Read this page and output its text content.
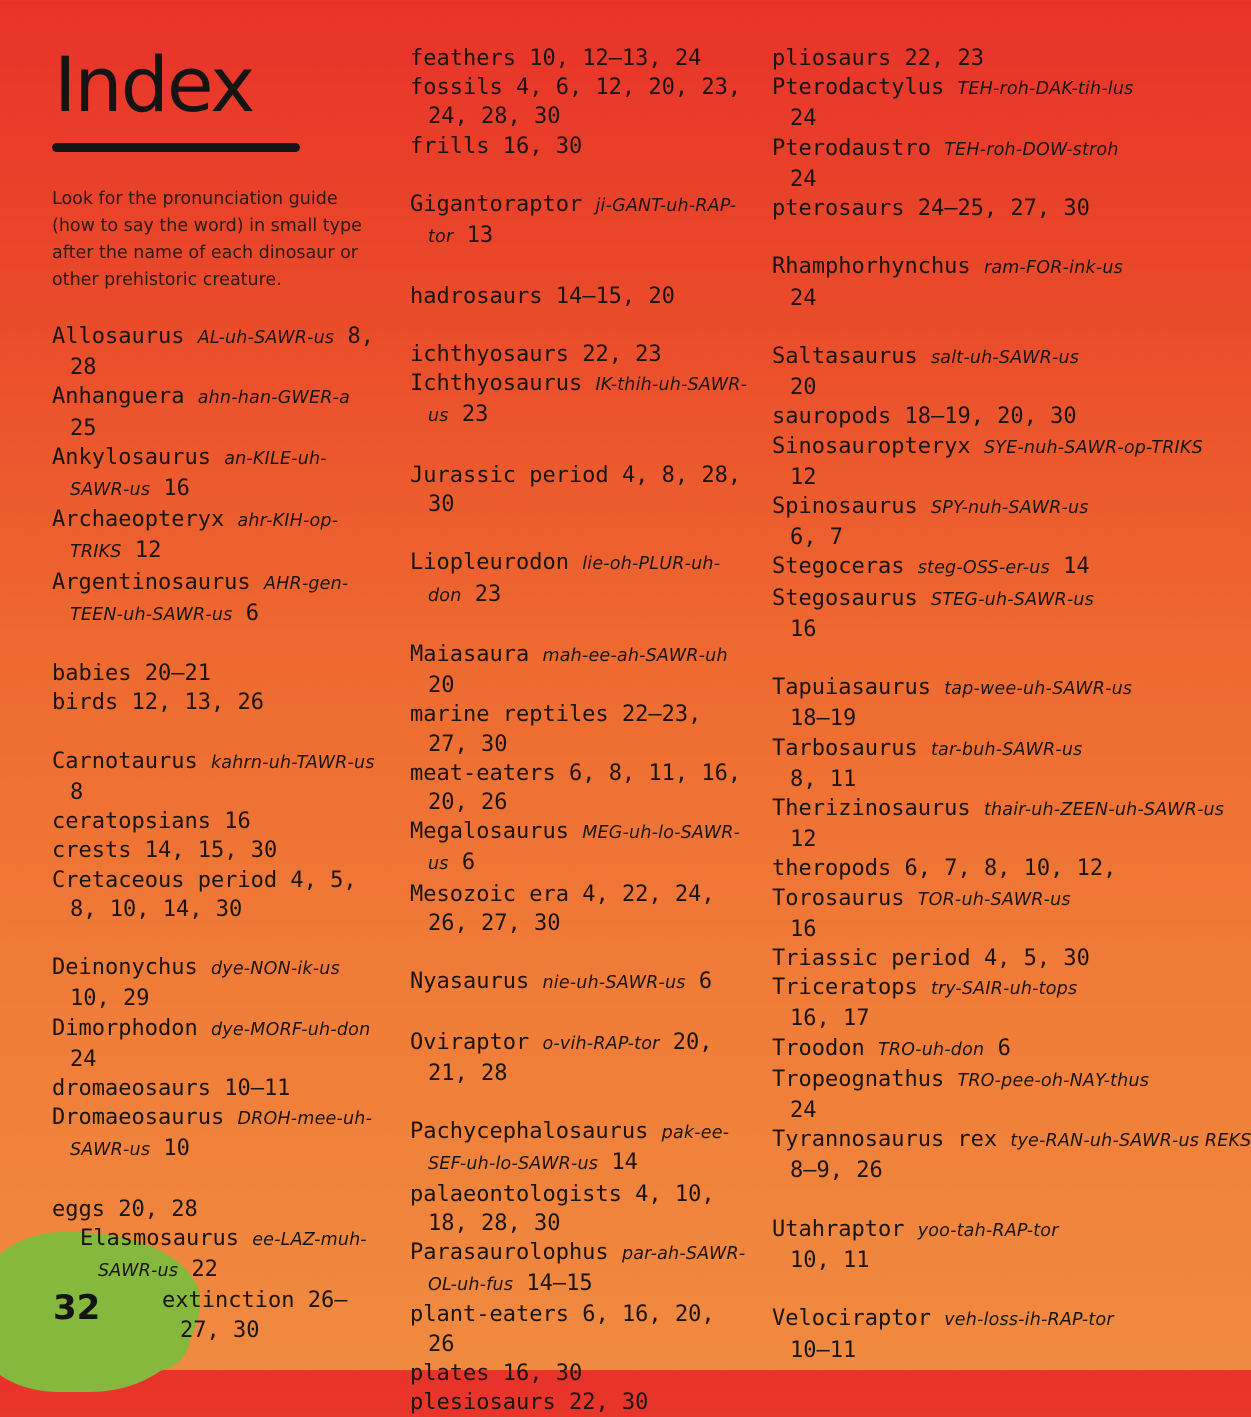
Index

Look for the pronunciation guide (how to say the word) in small type after the name of each dinosaur or other prehistoric creature.

Allosaurus AL-uh-SAWR-us 8, 28

Anhanguera ahn-han-GWER-a 25

Ankylosaurus an-KILE-uh-SAWR-us 16

Archaeopteryx ahr-KIH-op-TRIKS 12

Argentinosaurus AHR-gen-TEEN-uh-SAWR-us 6

babies 20–21

birds 12, 13, 26

Carnotaurus kahrn-uh-TAWR-us 8

ceratopsians 16

crests 14, 15, 30

Cretaceous period 4, 5, 8, 10, 14, 30

Deinonychus dye-NON-ik-us 10, 29

Dimorphodon dye-MORF-uh-don 24

dromaeosaurs 10–11

Dromaeosaurus DROH-mee-uh-SAWR-us 10

eggs 20, 28

Elasmosaurus ee-LAZ-muh-SAWR-us 22

extinction 26–27, 30

feathers 10, 12–13, 24

fossils 4, 6, 12, 20, 23, 24, 28, 30

frills 16, 30

Gigantoraptor ji-GANT-uh-RAP-tor 13

hadrosaurs 14–15, 20

ichthyosaurs 22, 23

Ichthyosaurus IK-thih-uh-SAWR-us 23

Jurassic period 4, 8, 28, 30

Liopleurodon lie-oh-PLUR-uh-don 23

Maiasaura mah-ee-ah-SAWR-uh 20

marine reptiles 22–23, 27, 30

meat-eaters 6, 8, 11, 16, 20, 26

Megalosaurus MEG-uh-lo-SAWR-us 6

Mesozoic era 4, 22, 24, 26, 27, 30

Nyasaurus nie-uh-SAWR-us 6

Oviraptor o-vih-RAP-tor 20, 21, 28

Pachycephalosaurus pak-ee-SEF-uh-lo-SAWR-us 14

palaeontologists 4, 10, 18, 28, 30

Parasaurolophus par-ah-SAWR-OL-uh-fus 14–15

plant-eaters 6, 16, 20, 26

plates 16, 30

plesiosaurs 22, 30

pliosaurs 22, 23

Pterodactylus TEH-roh-DAK-tih-lus
24

Pterodaustro TEH-roh-DOW-stroh
24

pterosaurs 24–25, 27, 30

Rhamphorhynchus ram-FOR-ink-us
24

Saltasaurus salt-uh-SAWR-us
20

sauropods 18–19, 20, 30

Sinosauropteryx SYE-nuh-SAWR-op-TRIKS
12

Spinosaurus SPY-nuh-SAWR-us
6, 7

Stegoceras steg-OSS-er-us 14

Stegosaurus STEG-uh-SAWR-us
16

Tapuiasaurus tap-wee-uh-SAWR-us
18–19

Tarbosaurus tar-buh-SAWR-us
8, 11

Therizinosaurus thair-uh-ZEEN-uh-SAWR-us
12

theropods 6, 7, 8, 10, 12,

Torosaurus TOR-uh-SAWR-us
16

Triassic period 4, 5, 30

Triceratops try-SAIR-uh-tops
16, 17

Troodon TRO-uh-don 6

Tropeognathus TRO-pee-oh-NAY-thus
24

Tyrannosaurus rex tye-RAN-uh-SAWR-us REKS
8–9, 26

Utahraptor yoo-tah-RAP-tor
10, 11

Velociraptor veh-loss-ih-RAP-tor
10–11

32
